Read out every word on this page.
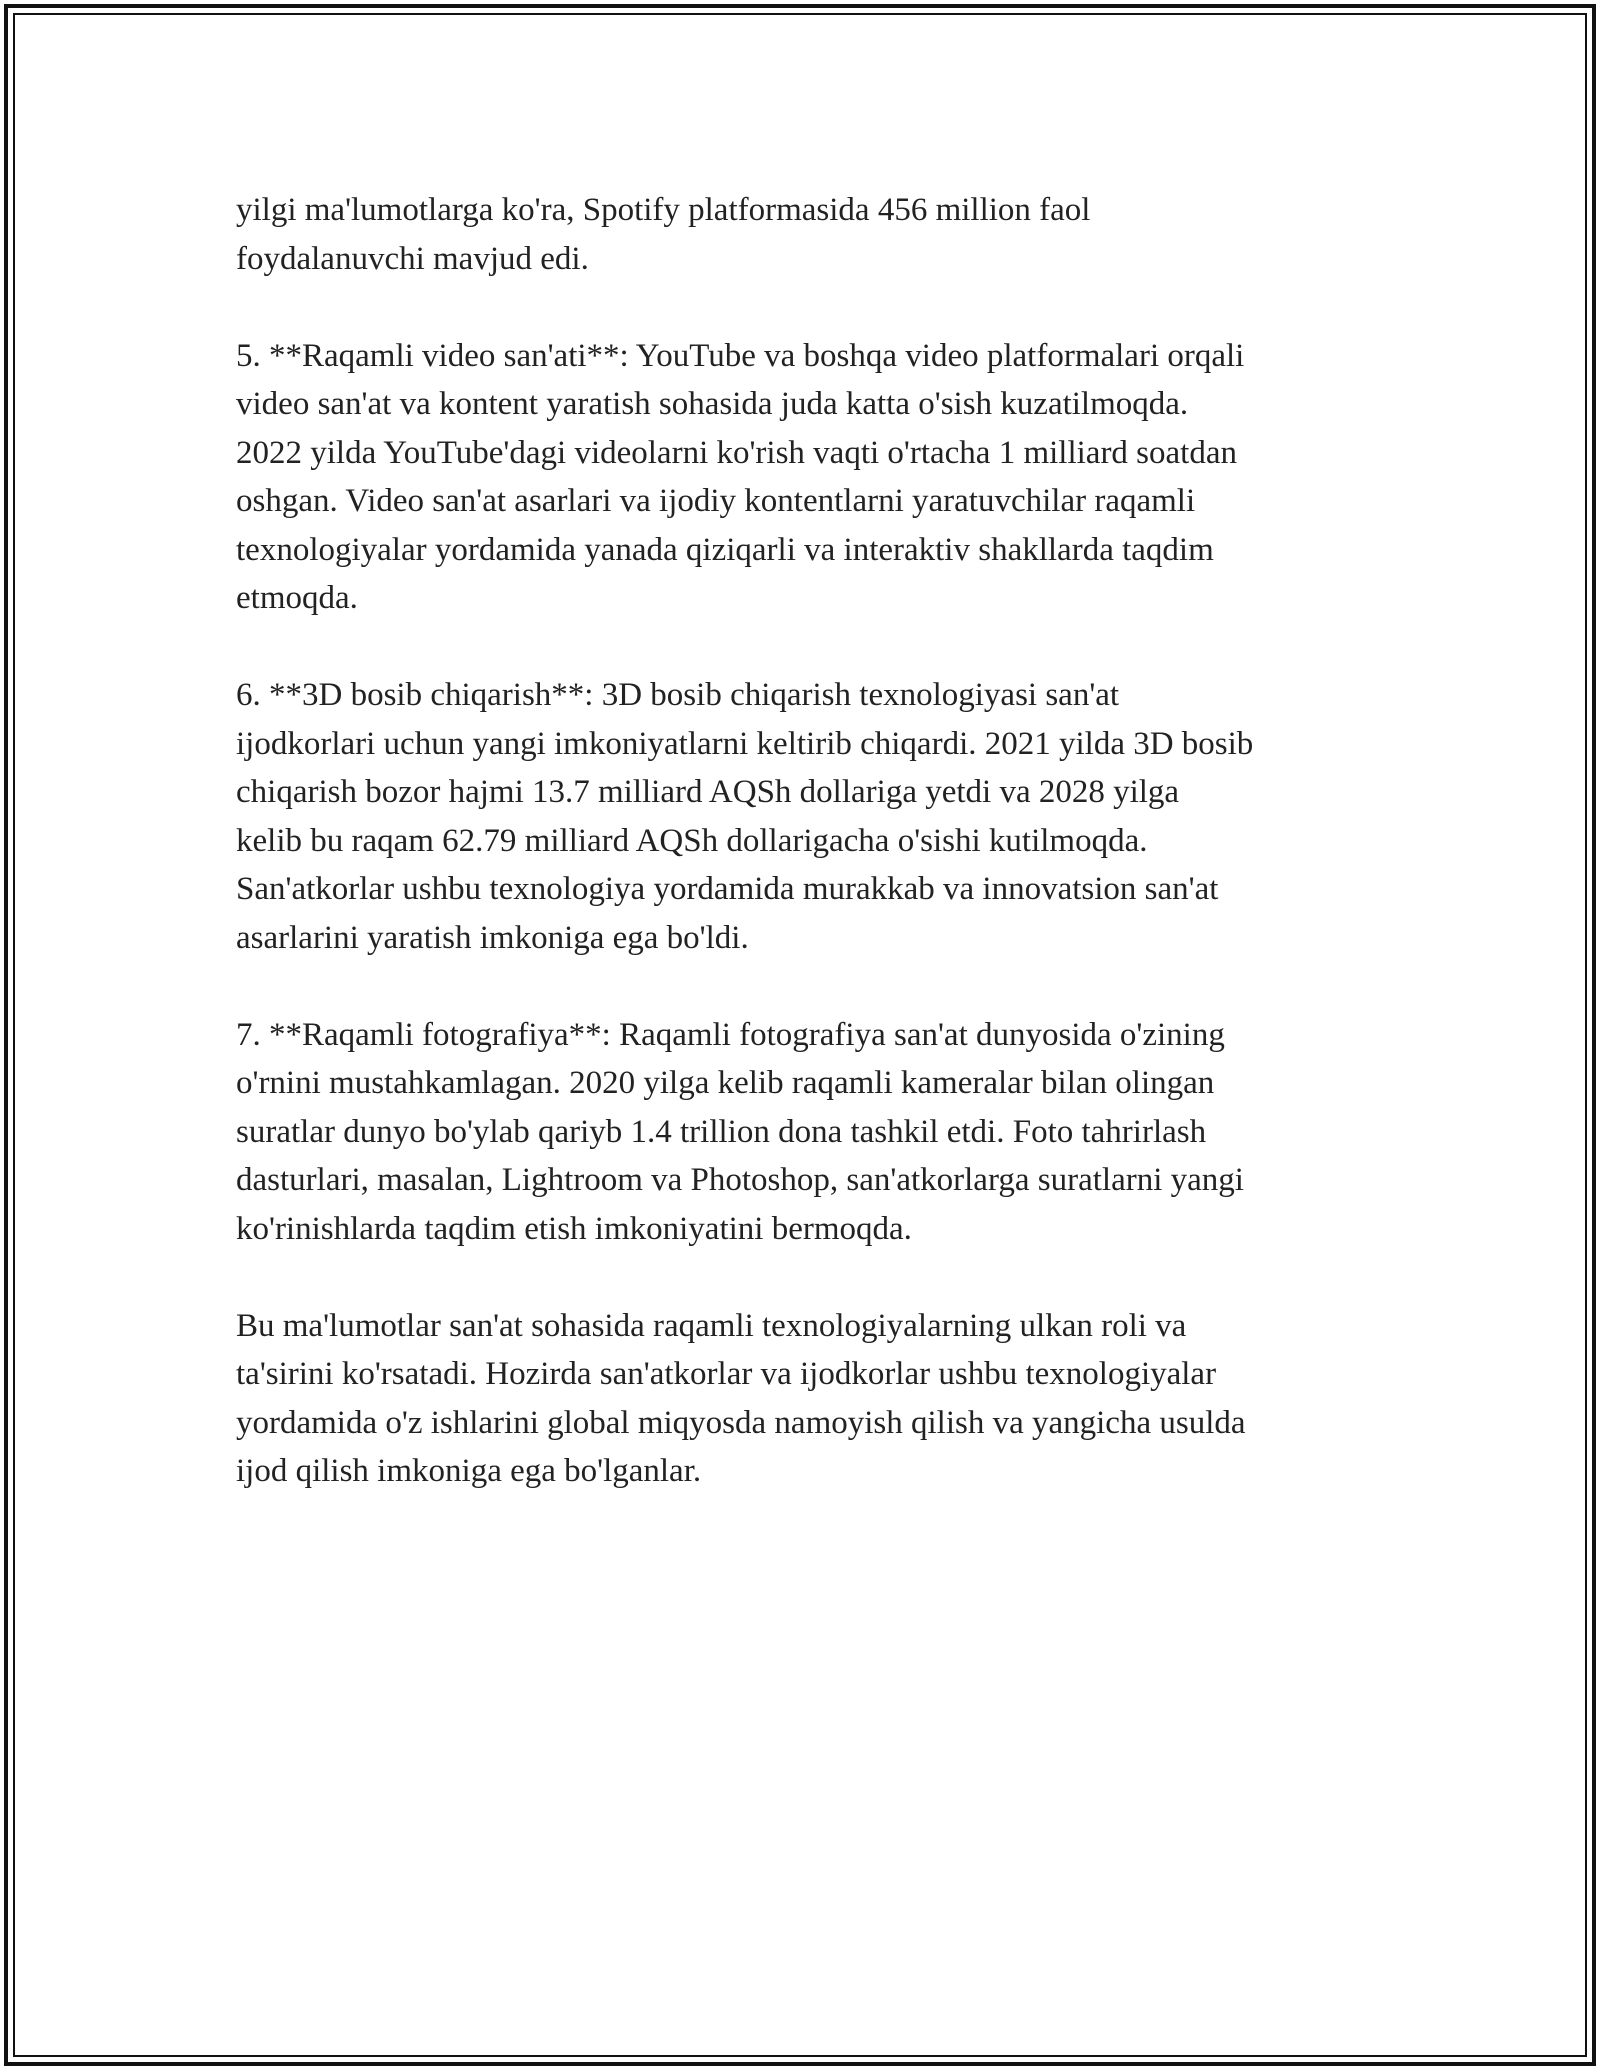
yilgi ma'lumotlarga ko'ra, Spotify platformasida 456 million faol
foydalanuvchi mavjud edi.

5. **Raqamli video san'ati**: YouTube va boshqa video platformalari orqali
video san'at va kontent yaratish sohasida juda katta o'sish kuzatilmoqda.
2022 yilda YouTube'dagi videolarni ko'rish vaqti o'rtacha 1 milliard soatdan
oshgan. Video san'at asarlari va ijodiy kontentlarni yaratuvchilar raqamli
texnologiyalar yordamida yanada qiziqarli va interaktiv shakllarda taqdim
etmoqda.

6. **3D bosib chiqarish**: 3D bosib chiqarish texnologiyasi san'at
ijodkorlari uchun yangi imkoniyatlarni keltirib chiqardi. 2021 yilda 3D bosib
chiqarish bozor hajmi 13.7 milliard AQSh dollariga yetdi va 2028 yilga
kelib bu raqam 62.79 milliard AQSh dollarigacha o'sishi kutilmoqda.
San'atkorlar ushbu texnologiya yordamida murakkab va innovatsion san'at
asarlarini yaratish imkoniga ega bo'ldi.

7. **Raqamli fotografiya**: Raqamli fotografiya san'at dunyosida o'zining
o'rnini mustahkamlagan. 2020 yilga kelib raqamli kameralar bilan olingan
suratlar dunyo bo'ylab qariyb 1.4 trillion dona tashkil etdi. Foto tahrirlash
dasturlari, masalan, Lightroom va Photoshop, san'atkorlarga suratlarni yangi
ko'rinishlarda taqdim etish imkoniyatini bermoqda.

Bu ma'lumotlar san'at sohasida raqamli texnologiyalarning ulkan roli va
ta'sirini ko'rsatadi. Hozirda san'atkorlar va ijodkorlar ushbu texnologiyalar
yordamida o'z ishlarini global miqyosda namoyish qilish va yangicha usulda
ijod qilish imkoniga ega bo'lganlar.
